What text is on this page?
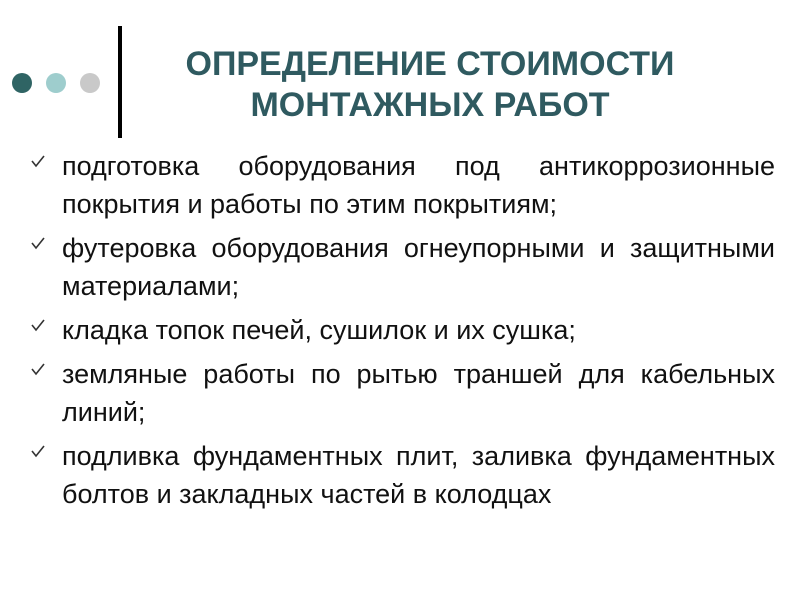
ОПРЕДЕЛЕНИЕ СТОИМОСТИ
МОНТАЖНЫХ РАБОТ
подготовка оборудования под антикоррозионные покрытия и работы по этим покрытиям;
футеровка оборудования огнеупорными и защитными материалами;
кладка топок печей, сушилок и их сушка;
земляные работы по рытью траншей для кабельных линий;
подливка фундаментных плит, заливка фундаментных болтов и закладных частей в колодцах
